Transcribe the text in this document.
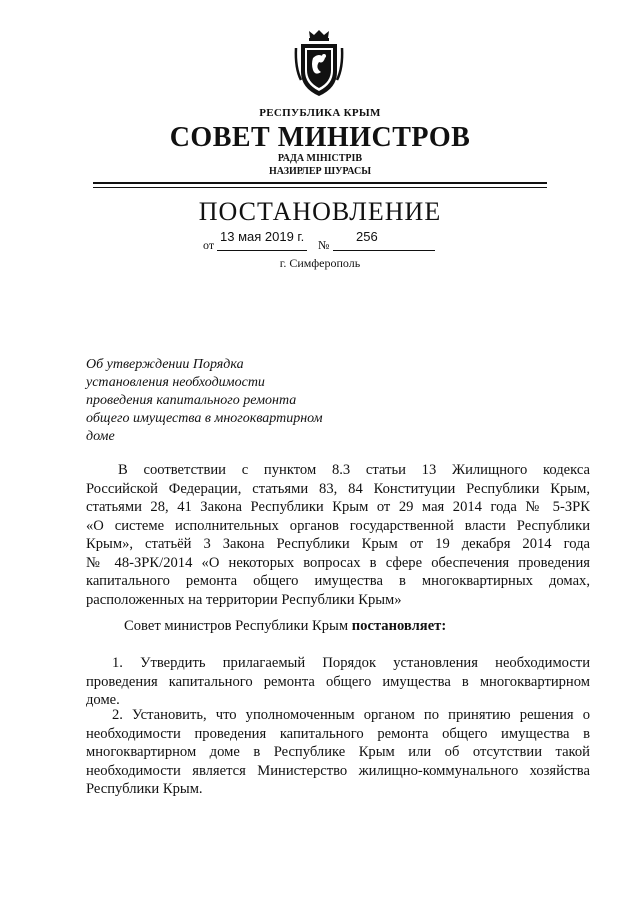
РЕСПУБЛИКА КРЫМ
СОВЕТ МИНИСТРОВ
РАДА МІНІСТРІВ
НАЗИРЛЕР ШУРАСЫ
ПОСТАНОВЛЕНИЕ
от
13 мая 2019 г.
№
256
г. Симферополь
Об утверждении Порядка
установления необходимости
проведения капитального ремонта
общего имущества в многоквартирном
доме
В соответствии с пунктом 8.3 статьи 13 Жилищного кодекса
Российской Федерации, статьями 83, 84 Конституции Республики Крым,
статьями 28, 41 Закона Республики Крым от 29 мая 2014 года № 5-ЗРК
«О системе исполнительных органов государственной власти Республики
Крым», статьёй 3 Закона Республики Крым от 19 декабря 2014 года
№ 48-ЗРК/2014 «О некоторых вопросах в сфере обеспечения проведения
капитального ремонта общего имущества в многоквартирных домах,
расположенных на территории Республики Крым»
Совет министров Республики Крым постановляет:
1. Утвердить прилагаемый Порядок установления необходимости
проведения капитального ремонта общего имущества в многоквартирном
доме.
2. Установить, что уполномоченным органом по принятию решения о
необходимости проведения капитального ремонта общего имущества в
многоквартирном доме в Республике Крым или об отсутствии такой
необходимости является Министерство жилищно-коммунального хозяйства
Республики Крым.
